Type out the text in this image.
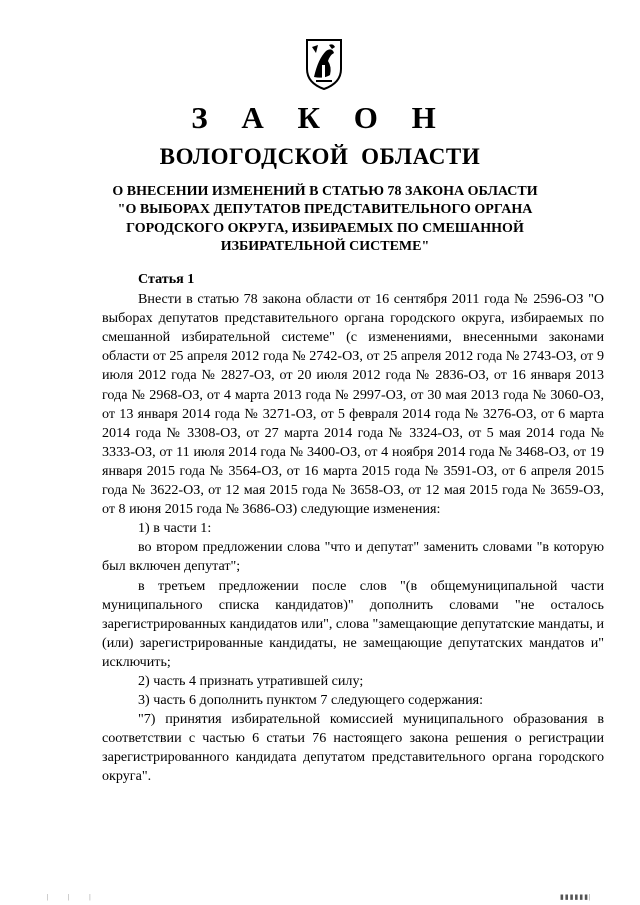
З А К О Н
ВОЛОГОДСКОЙ  ОБЛАСТИ
О ВНЕСЕНИИ ИЗМЕНЕНИЙ В СТАТЬЮ 78 ЗАКОНА ОБЛАСТИ
"О ВЫБОРАХ ДЕПУТАТОВ ПРЕДСТАВИТЕЛЬНОГО ОРГАНА
ГОРОДСКОГО ОКРУГА, ИЗБИРАЕМЫХ ПО СМЕШАННОЙ
ИЗБИРАТЕЛЬНОЙ СИСТЕМЕ"

Статья 1

Внести в статью 78 закона области от 16 сентября 2011 года № 2596-ОЗ "О выборах депутатов представительного органа городского округа, избираемых по смешанной избирательной системе" (с изменениями, внесенными законами области от 25 апреля 2012 года № 2742-ОЗ, от 25 апреля 2012 года № 2743-ОЗ, от 9 июля 2012 года № 2827-ОЗ, от 20 июля 2012 года № 2836-ОЗ, от 16 января 2013 года № 2968-ОЗ, от 4 марта 2013 года № 2997-ОЗ, от 30 мая 2013 года № 3060-ОЗ, от 13 января 2014 года № 3271-ОЗ, от 5 февраля 2014 года № 3276-ОЗ, от 6 марта 2014 года № 3308-ОЗ, от 27 марта 2014 года № 3324-ОЗ, от 5 мая 2014 года № 3333-ОЗ, от 11 июля 2014 года № 3400-ОЗ, от 4 ноября 2014 года № 3468-ОЗ, от 19 января 2015 года № 3564-ОЗ, от 16 марта 2015 года № 3591-ОЗ, от 6 апреля 2015 года № 3622-ОЗ, от 12 мая 2015 года № 3658-ОЗ, от 12 мая 2015 года № 3659-ОЗ, от 8 июня 2015 года № 3686-ОЗ) следующие изменения:

1) в части 1:

во втором предложении слова "что и депутат" заменить словами "в которую был включен депутат";

в третьем предложении после слов "(в общемуниципальной части муниципального списка кандидатов)" дополнить словами "не осталось зарегистрированных кандидатов или", слова "замещающие депутатские мандаты, и (или) зарегистрированные кандидаты, не замещающие депутатских мандатов и" исключить;

2) часть 4 признать утратившей силу;

3) часть 6 дополнить пунктом 7 следующего содержания:

"7) принятия избирательной комиссией муниципального образования в соответствии с частью 6 статьи 76 настоящего закона решения о регистрации зарегистрированного кандидата депутатом представительного органа городского округа".

| | |	▮▮▮▮▮▮|
